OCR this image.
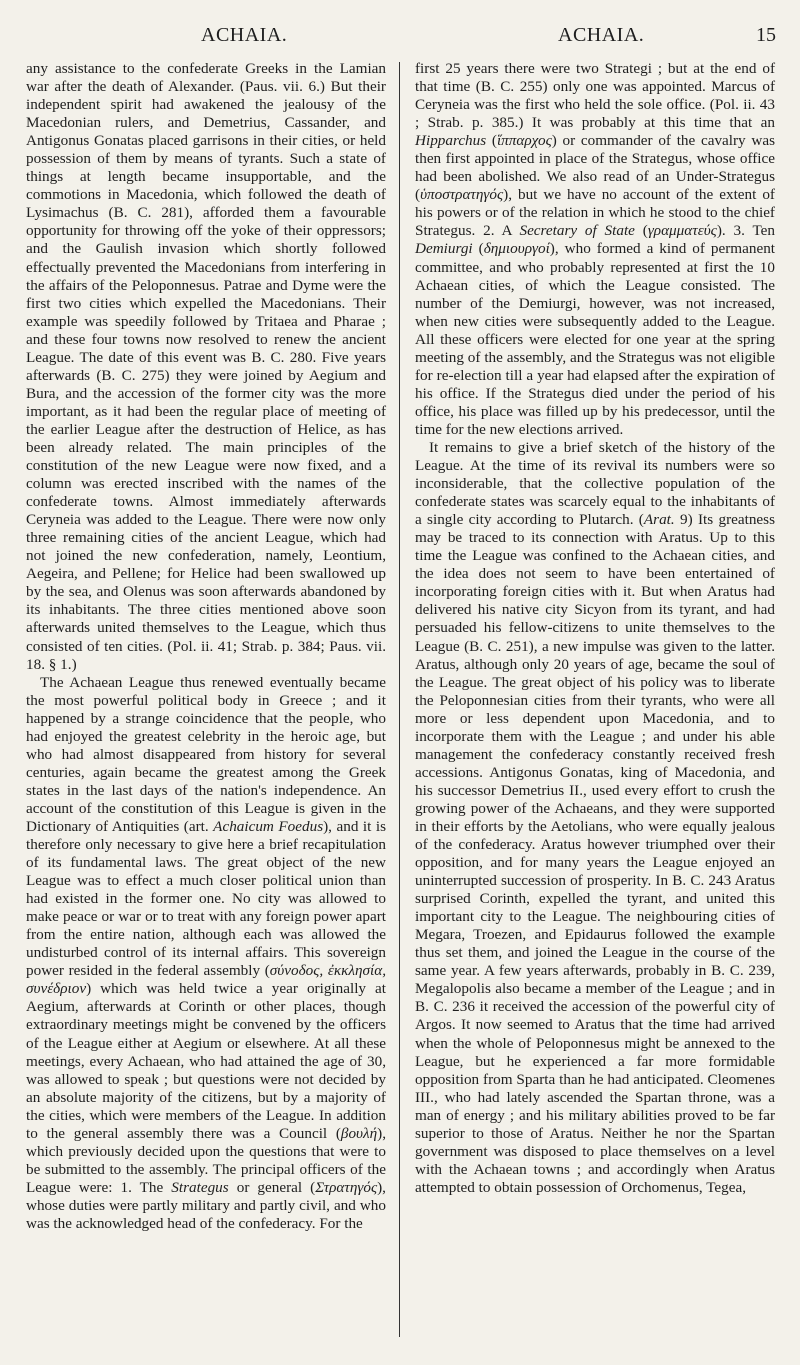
ACHAIA.	ACHAIA.	15

any assistance to the confederate Greeks in the Lamian war after the death of Alexander. (Paus. vii. 6.) But their independent spirit had awakened the jealousy of the Macedonian rulers, and Demetrius, Cassander, and Antigonus Gonatas placed garrisons in their cities, or held possession of them by means of tyrants. Such a state of things at length became insupportable, and the commotions in Macedonia, which followed the death of Lysimachus (B. C. 281), afforded them a favourable opportunity for throwing off the yoke of their oppressors; and the Gaulish invasion which shortly followed effectually prevented the Macedonians from interfering in the affairs of the Peloponnesus. Patrae and Dyme were the first two cities which expelled the Macedonians. Their example was speedily followed by Tritaea and Pharae ; and these four towns now resolved to renew the ancient League. The date of this event was B. C. 280. Five years afterwards (B. C. 275) they were joined by Aegium and Bura, and the accession of the former city was the more important, as it had been the regular place of meeting of the earlier League after the destruction of Helice, as has been already related. The main principles of the constitution of the new League were now fixed, and a column was erected inscribed with the names of the confederate towns. Almost immediately afterwards Ceryneia was added to the League. There were now only three remaining cities of the ancient League, which had not joined the new confederation, namely, Leontium, Aegeira, and Pellene; for Helice had been swallowed up by the sea, and Olenus was soon afterwards abandoned by its inhabitants. The three cities mentioned above soon afterwards united themselves to the League, which thus consisted of ten cities. (Pol. ii. 41; Strab. p. 384; Paus. vii. 18. § 1.)

The Achaean League thus renewed eventually became the most powerful political body in Greece ; and it happened by a strange coincidence that the people, who had enjoyed the greatest celebrity in the heroic age, but who had almost disappeared from history for several centuries, again became the greatest among the Greek states in the last days of the nation's independence. An account of the constitution of this League is given in the Dictionary of Antiquities (art. Achaicum Foedus), and it is therefore only necessary to give here a brief recapitulation of its fundamental laws. The great object of the new League was to effect a much closer political union than had existed in the former one. No city was allowed to make peace or war or to treat with any foreign power apart from the entire nation, although each was allowed the undisturbed control of its internal affairs. This sovereign power resided in the federal assembly (σύνοδος, ἐκκλησία, συνέδριον) which was held twice a year originally at Aegium, afterwards at Corinth or other places, though extraordinary meetings might be convened by the officers of the League either at Aegium or elsewhere. At all these meetings, every Achaean, who had attained the age of 30, was allowed to speak ; but questions were not decided by an absolute majority of the citizens, but by a majority of the cities, which were members of the League. In addition to the general assembly there was a Council (βουλή), which previously decided upon the questions that were to be submitted to the assembly. The principal officers of the League were: 1. The Strategus or general (Στρατηγός), whose duties were partly military and partly civil, and who was the acknowledged head of the confederacy. For the

first 25 years there were two Strategi ; but at the end of that time (B. C. 255) only one was appointed. Marcus of Ceryneia was the first who held the sole office. (Pol. ii. 43 ; Strab. p. 385.) It was probably at this time that an Hipparchus (ἵππαρχος) or commander of the cavalry was then first appointed in place of the Strategus, whose office had been abolished. We also read of an Under-Strategus (ὑποστρατηγός), but we have no account of the extent of his powers or of the relation in which he stood to the chief Strategus. 2. A Secretary of State (γραμματεύς). 3. Ten Demiurgi (δημιουργοί), who formed a kind of permanent committee, and who probably represented at first the 10 Achaean cities, of which the League consisted. The number of the Demiurgi, however, was not increased, when new cities were subsequently added to the League. All these officers were elected for one year at the spring meeting of the assembly, and the Strategus was not eligible for re-election till a year had elapsed after the expiration of his office. If the Strategus died under the period of his office, his place was filled up by his predecessor, until the time for the new elections arrived.

It remains to give a brief sketch of the history of the League. At the time of its revival its numbers were so inconsiderable, that the collective population of the confederate states was scarcely equal to the inhabitants of a single city according to Plutarch. (Arat. 9) Its greatness may be traced to its connection with Aratus. Up to this time the League was confined to the Achaean cities, and the idea does not seem to have been entertained of incorporating foreign cities with it. But when Aratus had delivered his native city Sicyon from its tyrant, and had persuaded his fellow-citizens to unite themselves to the League (B. C. 251), a new impulse was given to the latter. Aratus, although only 20 years of age, became the soul of the League. The great object of his policy was to liberate the Peloponnesian cities from their tyrants, who were all more or less dependent upon Macedonia, and to incorporate them with the League ; and under his able management the confederacy constantly received fresh accessions. Antigonus Gonatas, king of Macedonia, and his successor Demetrius II., used every effort to crush the growing power of the Achaeans, and they were supported in their efforts by the Aetolians, who were equally jealous of the confederacy. Aratus however triumphed over their opposition, and for many years the League enjoyed an uninterrupted succession of prosperity. In B. C. 243 Aratus surprised Corinth, expelled the tyrant, and united this important city to the League. The neighbouring cities of Megara, Troezen, and Epidaurus followed the example thus set them, and joined the League in the course of the same year. A few years afterwards, probably in B. C. 239, Megalopolis also became a member of the League ; and in B. C. 236 it received the accession of the powerful city of Argos. It now seemed to Aratus that the time had arrived when the whole of Peloponnesus might be annexed to the League, but he experienced a far more formidable opposition from Sparta than he had anticipated. Cleomenes III., who had lately ascended the Spartan throne, was a man of energy ; and his military abilities proved to be far superior to those of Aratus. Neither he nor the Spartan government was disposed to place themselves on a level with the Achaean towns ; and accordingly when Aratus attempted to obtain possession of Orchomenus, Tegea,
